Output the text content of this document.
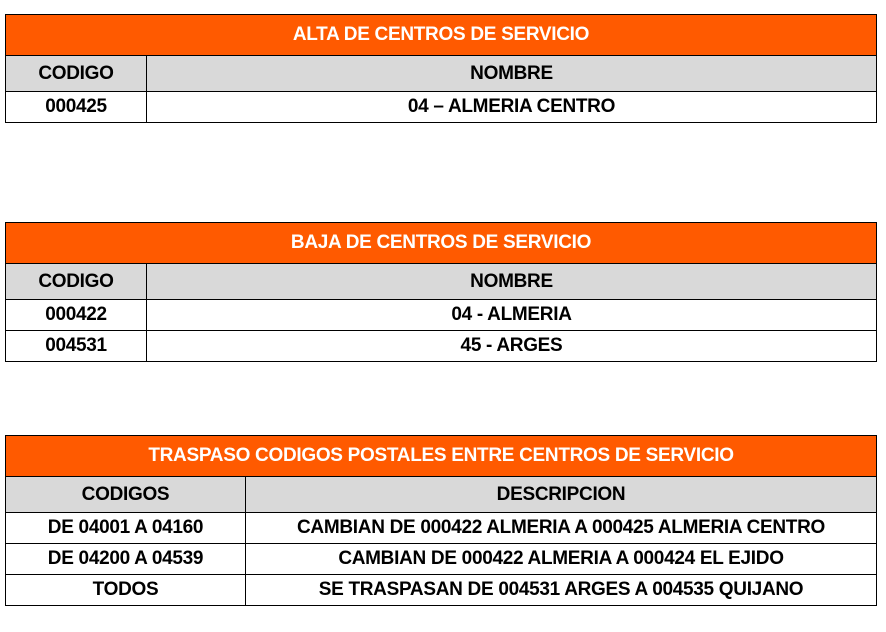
ALTA DE CENTROS DE SERVICIO	
CODIGO	NOMBRE
000425	04 – ALMERIA CENTRO
BAJA DE CENTROS DE SERVICIO	
CODIGO	NOMBRE
000422	04 - ALMERIA
004531	45 - ARGES
TRASPASO CODIGOS POSTALES ENTRE CENTROS DE SERVICIO	
CODIGOS	DESCRIPCION
DE 04001 A 04160	CAMBIAN DE 000422 ALMERIA A 000425 ALMERIA CENTRO
DE 04200 A 04539	CAMBIAN DE 000422 ALMERIA A 000424 EL EJIDO
TODOS	SE TRASPASAN DE 004531 ARGES A 004535 QUIJANO
